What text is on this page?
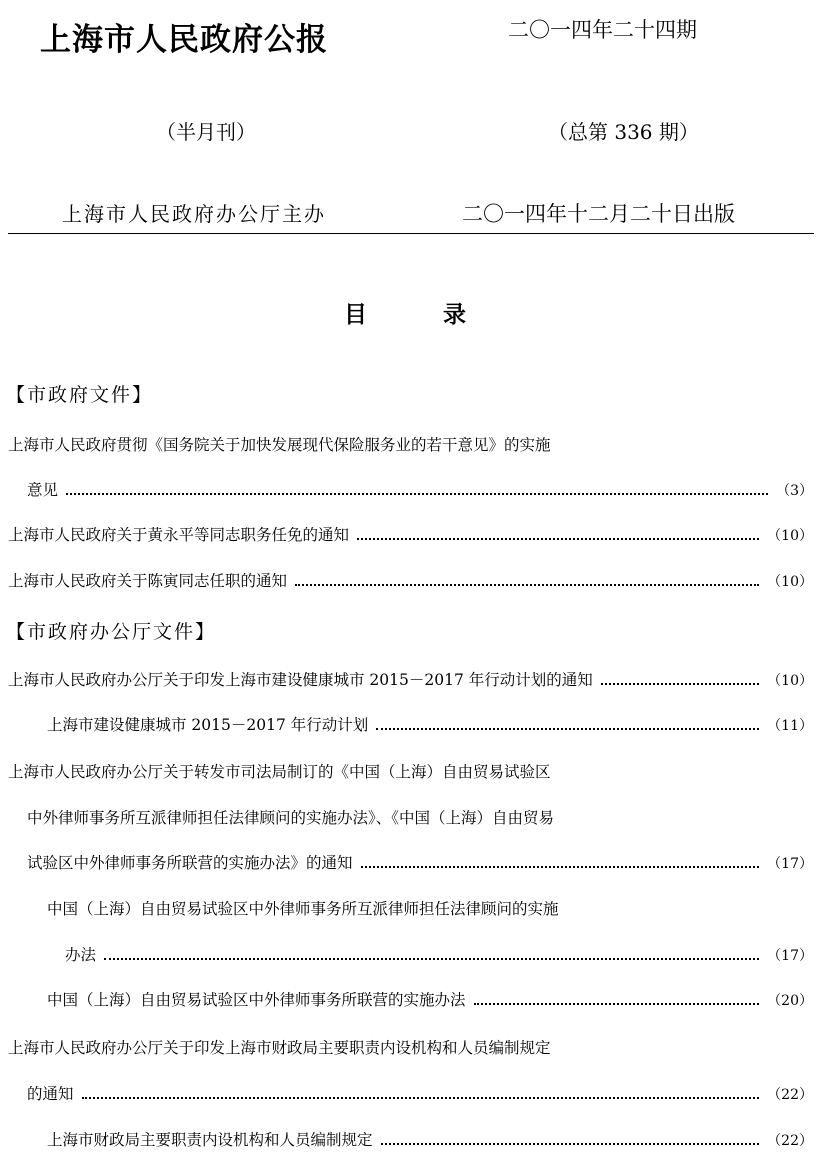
上海市人民政府公报	二〇一四年二十四期
（半月刊）	（总第 336 期）
上海市人民政府办公厅主办	二〇一四年十二月二十日出版
目录
【市政府文件】
上海市人民政府贯彻《国务院关于加快发展现代保险服务业的若干意见》的实施
意见	（3）
上海市人民政府关于黄永平等同志职务任免的通知	（10）
上海市人民政府关于陈寅同志任职的通知	（10）
【市政府办公厅文件】
上海市人民政府办公厅关于印发上海市建设健康城市 2015－2017 年行动计划的通知	（10）
上海市建设健康城市 2015－2017 年行动计划	（11）
上海市人民政府办公厅关于转发市司法局制订的《中国（上海）自由贸易试验区
中外律师事务所互派律师担任法律顾问的实施办法》、《中国（上海）自由贸易
试验区中外律师事务所联营的实施办法》的通知	（17）
中国（上海）自由贸易试验区中外律师事务所互派律师担任法律顾问的实施
办法	（17）
中国（上海）自由贸易试验区中外律师事务所联营的实施办法	（20）
上海市人民政府办公厅关于印发上海市财政局主要职责内设机构和人员编制规定
的通知	（22）
上海市财政局主要职责内设机构和人员编制规定	（22）
